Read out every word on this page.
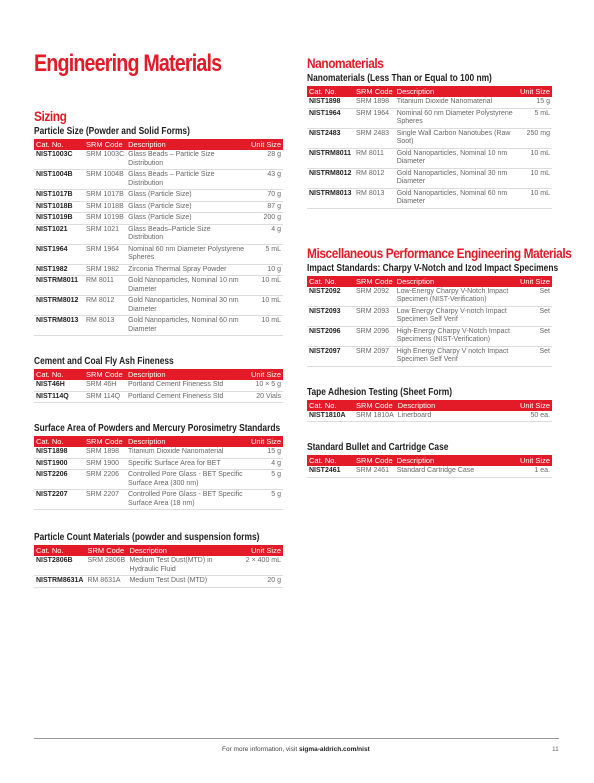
Engineering Materials
Sizing
Particle Size (Powder and Solid Forms)
Cat. No.	SRM Code	Description	Unit Size
NIST1003C	SRM 1003C	Glass Beads – Particle Size Distribution	28 g
NIST1004B	SRM 1004B	Glass Beads – Particle Size Distribution	43 g
NIST1017B	SRM 1017B	Glass (Particle Size)	70 g
NIST1018B	SRM 1018B	Glass (Particle Size)	87 g
NIST1019B	SRM 1019B	Glass (Particle Size)	200 g
NIST1021	SRM 1021	Glass Beads–Particle Size Distribution	4 g
NIST1964	SRM 1964	Nominal 60 nm Diameter Polystyrene Spheres	5 mL
NIST1982	SRM 1982	Zirconia Thermal Spray Powder	10 g
NISTRM8011	RM 8011	Gold Nanoparticles, Nominal 10 nm Diameter	10 mL
NISTRM8012	RM 8012	Gold Nanoparticles, Nominal 30 nm Diameter	10 mL
NISTRM8013	RM 8013	Gold Nanoparticles, Nominal 60 nm Diameter	10 mL
Cement and Coal Fly Ash Fineness
Cat. No.	SRM Code	Description	Unit Size
NIST46H	SRM 46H	Portland Cement Fineness Std	10 × 5 g
NIST114Q	SRM 114Q	Portland Cement Fineness Std	20 Vials
Surface Area of Powders and Mercury Porosimetry Standards
Cat. No.	SRM Code	Description	Unit Size
NIST1898	SRM 1898	Titanium Dioxide Nanomaterial	15 g
NIST1900	SRM 1900	Specific Surface Area for BET	4 g
NIST2206	SRM 2206	Controlled Pore Glass - BET Specific Surface Area (300 nm)	5 g
NIST2207	SRM 2207	Controlled Pore Glass - BET Specific Surface Area (18 nm)	5 g
Particle Count Materials (powder and suspension forms)
Cat. No.	SRM Code	Description	Unit Size
NIST2806B	SRM 2806B	Medium Test Dust(MTD) in Hydraulic Fluid	2 × 400 mL
NISTRM8631A	RM 8631A	Medium Test Dust (MTD)	20 g
Nanomaterials
Nanomaterials (Less Than or Equal to 100 nm)
Cat. No.	SRM Code	Description	Unit Size
NIST1898	SRM 1898	Titanium Dioxide Nanomaterial	15 g
NIST1964	SRM 1964	Nominal 60 nm Diameter Polystyrene Spheres	5 mL
NIST2483	SRM 2483	Single Wall Carbon Nanotubes (Raw Soot)	250 mg
NISTRM8011	RM 8011	Gold Nanoparticles, Nominal 10 nm Diameter	10 mL
NISTRM8012	RM 8012	Gold Nanoparticles, Nominal 30 nm Diameter	10 mL
NISTRM8013	RM 8013	Gold Nanoparticles, Nominal 60 nm Diameter	10 mL
Miscellaneous Performance Engineering Materials
Impact Standards: Charpy V-Notch and Izod Impact Specimens
Cat. No.	SRM Code	Description	Unit Size
NIST2092	SRM 2092	Low-Energy Charpy V-Notch Impact Specimen (NIST-Verification)	Set
NIST2093	SRM 2093	Low Energy Charpy V-notch Impact Specimen Self Verif	Set
NIST2096	SRM 2096	High-Energy Charpy V-Notch Impact Specimens (NIST-Verification)	Set
NIST2097	SRM 2097	High Energy Charpy V notch Impact Specimen Self Verif	Set
Tape Adhesion Testing (Sheet Form)
Cat. No.	SRM Code	Description	Unit Size
NIST1810A	SRM 1810A	Linerboard	50 ea.
Standard Bullet and Cartridge Case
Cat. No.	SRM Code	Description	Unit Size
NIST2461	SRM 2461	Standard Cartridge Case	1 ea.
For more information, visit sigma-aldrich.com/nist	11
